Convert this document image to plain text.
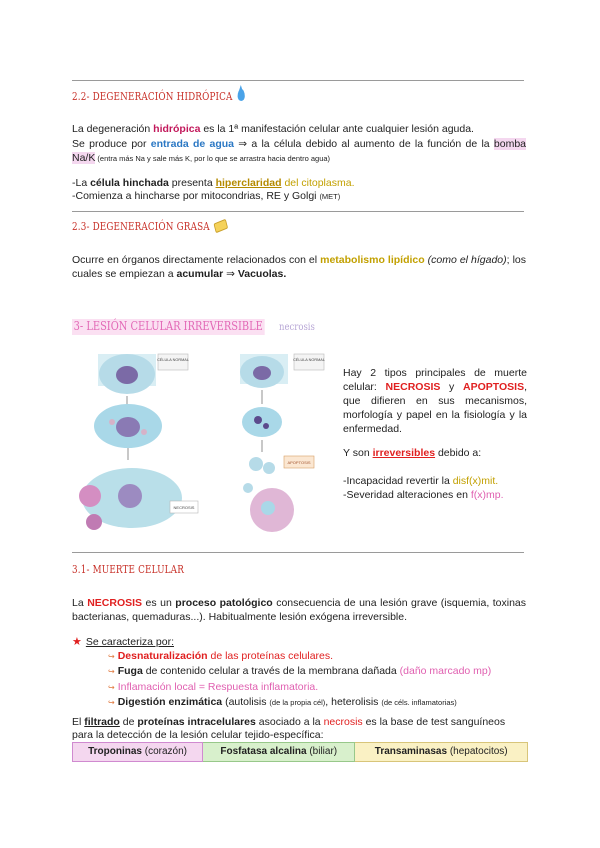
2.2- DEGENERACIÓN HIDRÓPICA
La degeneración hidrópica es la 1ª manifestación celular ante cualquier lesión aguda.
Se produce por entrada de agua ⇒ a la célula debido al aumento de la función de la bomba Na/K (entra más Na y sale más K, por lo que se arrastra hacia dentro agua)
-La célula hinchada presenta hiperclaridad del citoplasma.
-Comienza a hincharse por mitocondrias, RE y Golgi (MET)
2.3- DEGENERACIÓN GRASA
Ocurre en órganos directamente relacionados con el metabolismo lipídico (como el hígado); los cuales se empiezan a acumular ⇒ Vacuolas.
3- LESIÓN CELULAR IRREVERSIBLE necrosis
CÉLULA NORMAL
NECROSIS
CÉLULA NORMAL
APOPTOSIS
Hay 2 tipos principales de muerte celular: NECROSIS y APOPTOSIS, que difieren en sus mecanismos, morfología y papel en la fisiología y la enfermedad.
Y son irreversibles debido a:
-Incapacidad revertir la disf(x)mit.
-Severidad alteraciones en f(x)mp.
3.1- MUERTE CELULAR
La NECROSIS es un proceso patológico consecuencia de una lesión grave (isquemia, toxinas bacterianas, quemaduras...). Habitualmente lesión exógena irreversible.
★ Se caracteriza por:
↪ Desnaturalización de las proteínas celulares.
↪ Fuga de contenido celular a través de la membrana dañada (daño marcado mp)
↪ Inflamación local = Respuesta inflamatoria.
↪ Digestión enzimática (autolisis (de la propia cél), heterolisis (de céls. inflamatorias)
El filtrado de proteínas intracelulares asociado a la necrosis es la base de test sanguíneos
para la detección de la lesión celular tejido-específica:
Troponinas (corazón)	Fosfatasa alcalina (biliar)	Transaminasas (hepatocitos)
